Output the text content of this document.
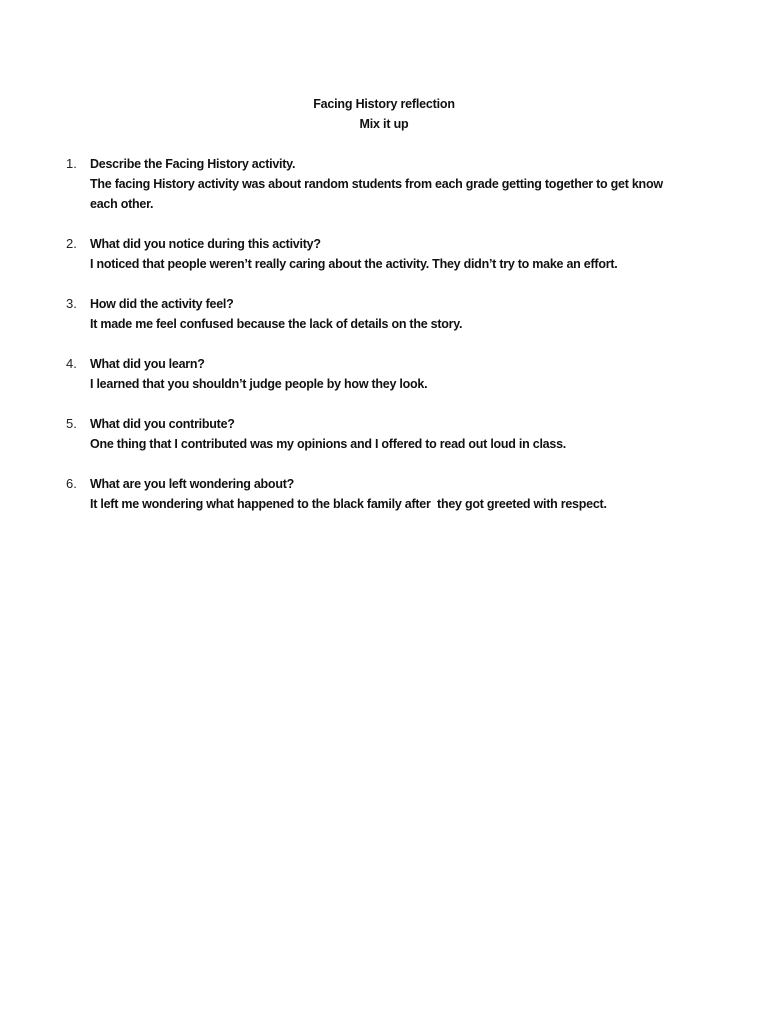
Facing History reflection
Mix it up
1. Describe the Facing History activity.

The facing History activity was about random students from each grade getting together to get know each other.

2. What did you notice during this activity?

I noticed that people weren’t really caring about the activity. They didn’t try to make an effort.

3. How did the activity feel?

It made me feel confused because the lack of details on the story.

4. What did you learn?

I learned that you shouldn’t judge people by how they look.

5. What did you contribute?

One thing that I contributed was my opinions and I offered to read out loud in class.

6. What are you left wondering about?

It left me wondering what happened to the black family after  they got greeted with respect.
